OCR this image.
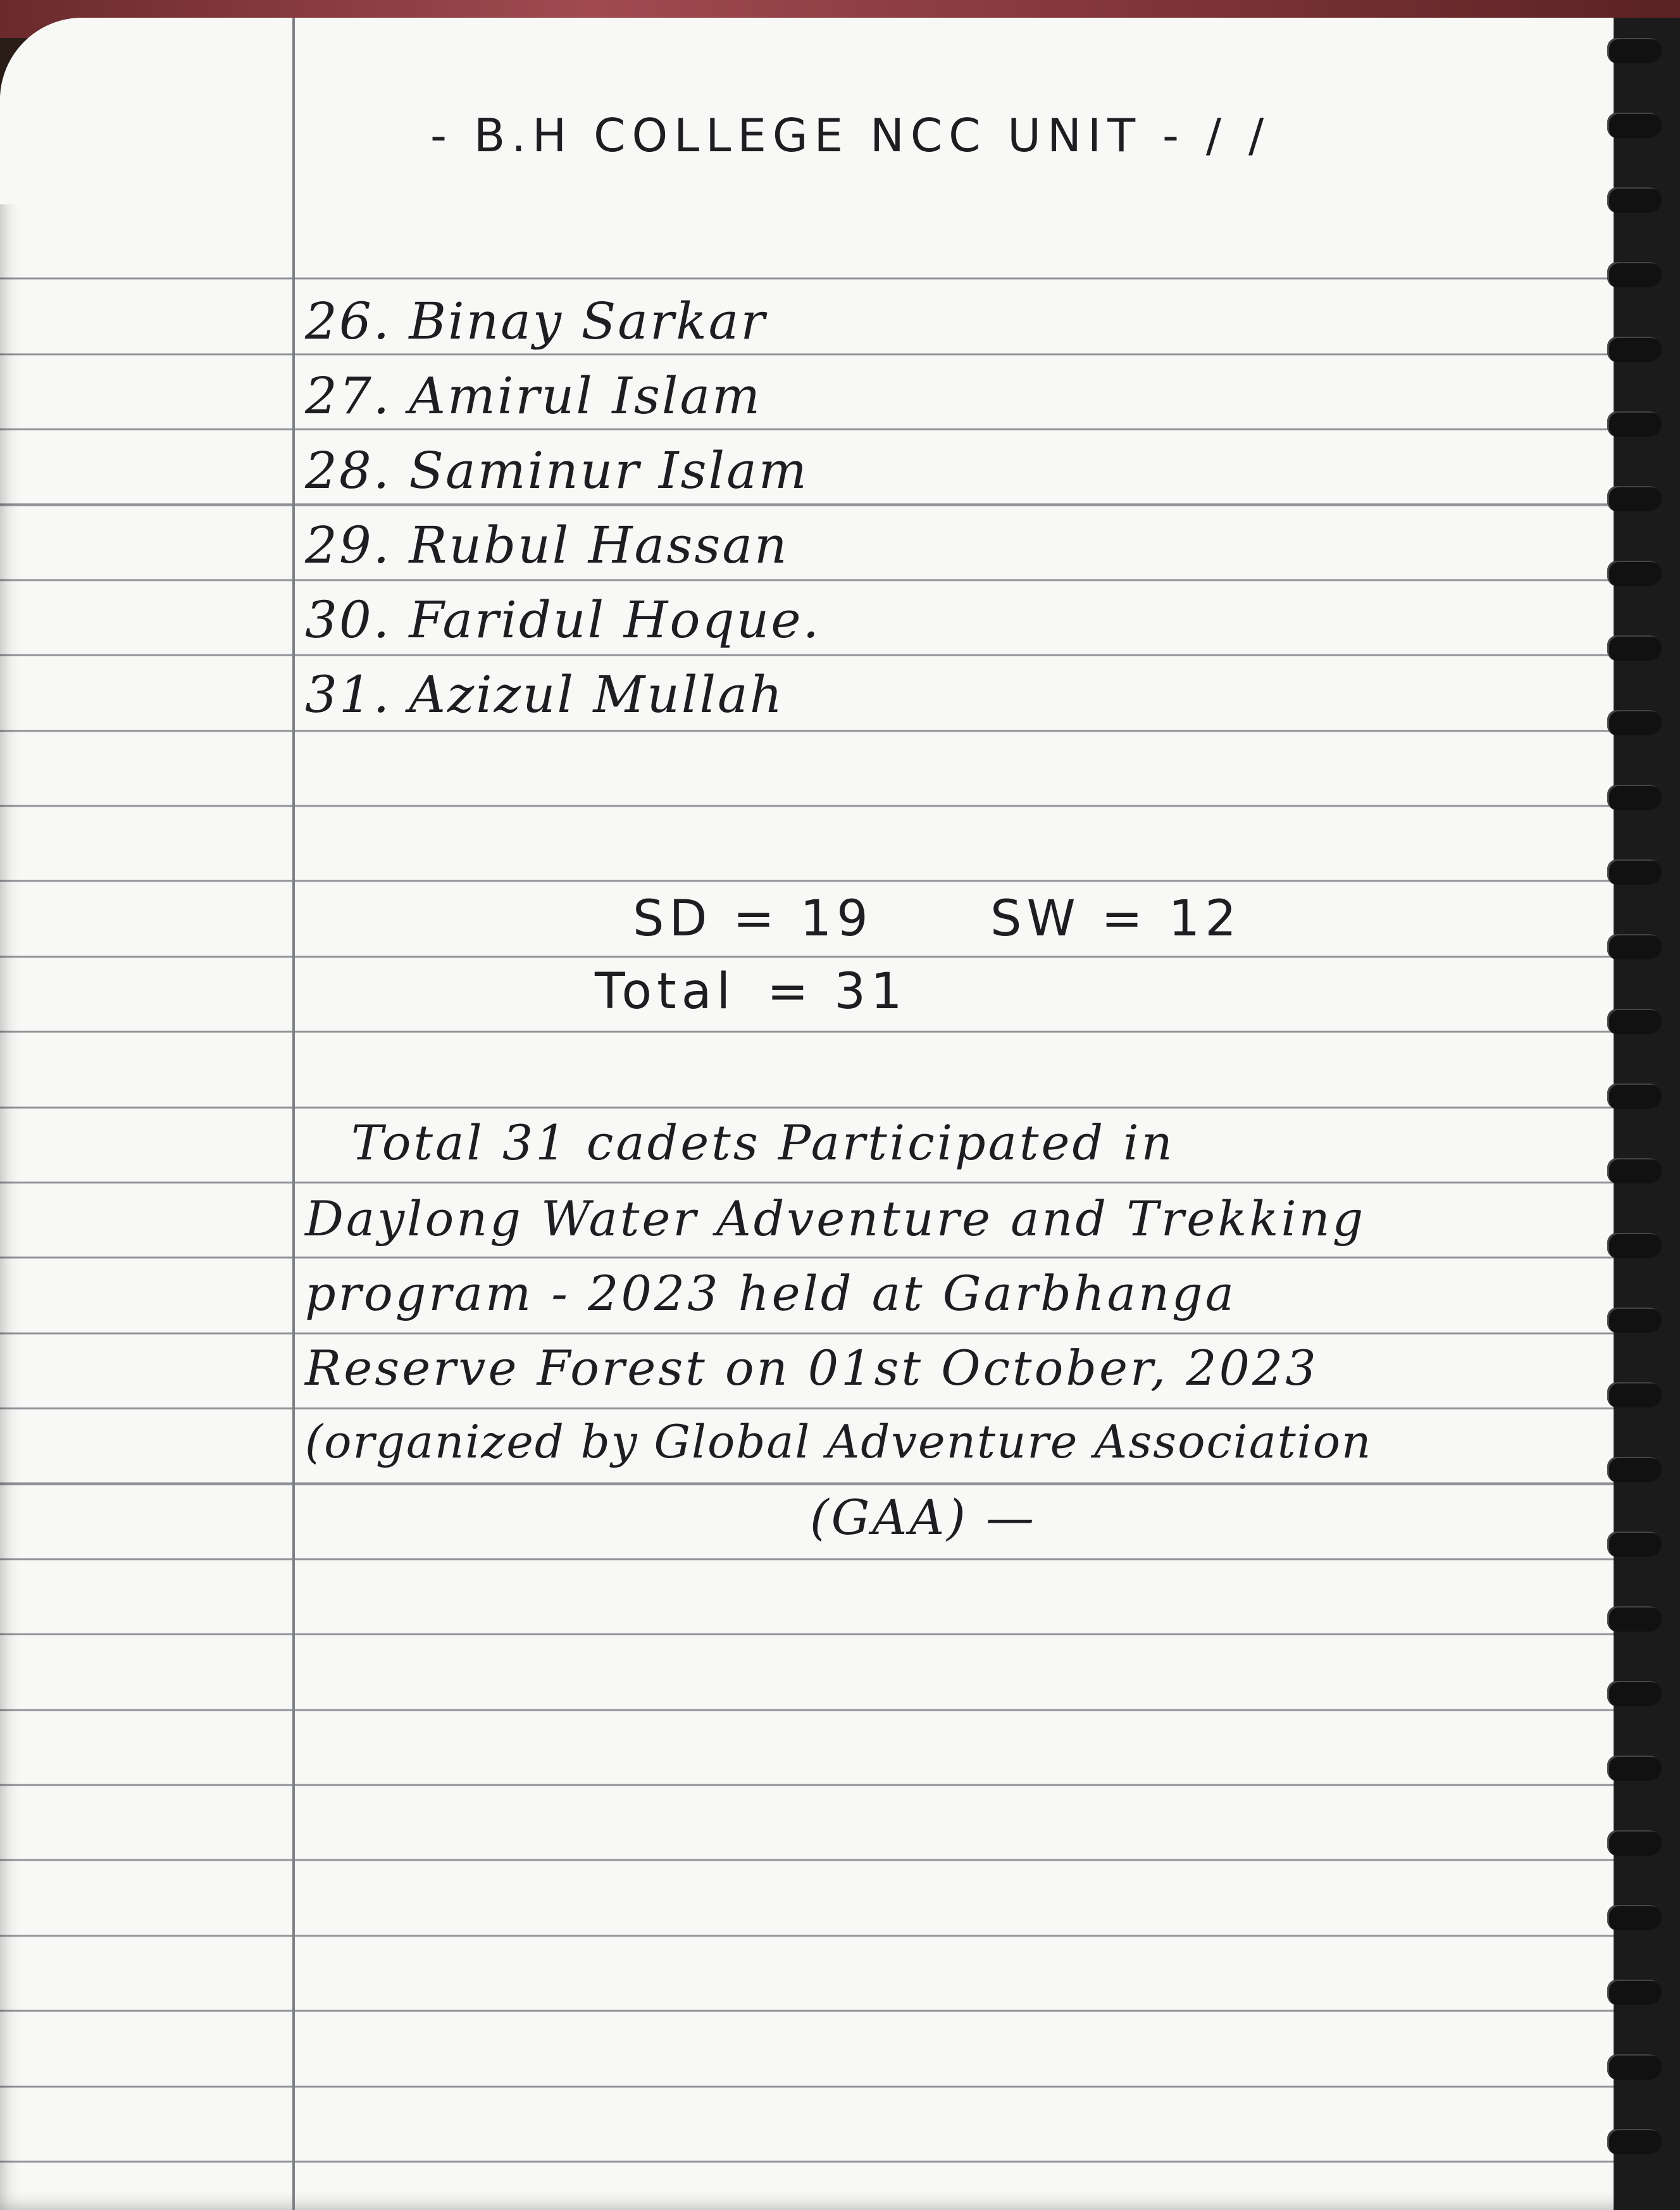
- B.H COLLEGE NCC UNIT - / /

26. Binay Sarkar

27. Amirul Islam

28. Saminur Islam

29. Rubul Hassan

30. Faridul Hoque.

31. Azizul Mullah

SD = 19 SW = 12

Total = 31

Total 31 cadets Participated in

Daylong Water Adventure and Trekking

program - 2023 held at Garbhanga

Reserve Forest on 01st October, 2023

(organized by Global Adventure Association

(GAA) —
